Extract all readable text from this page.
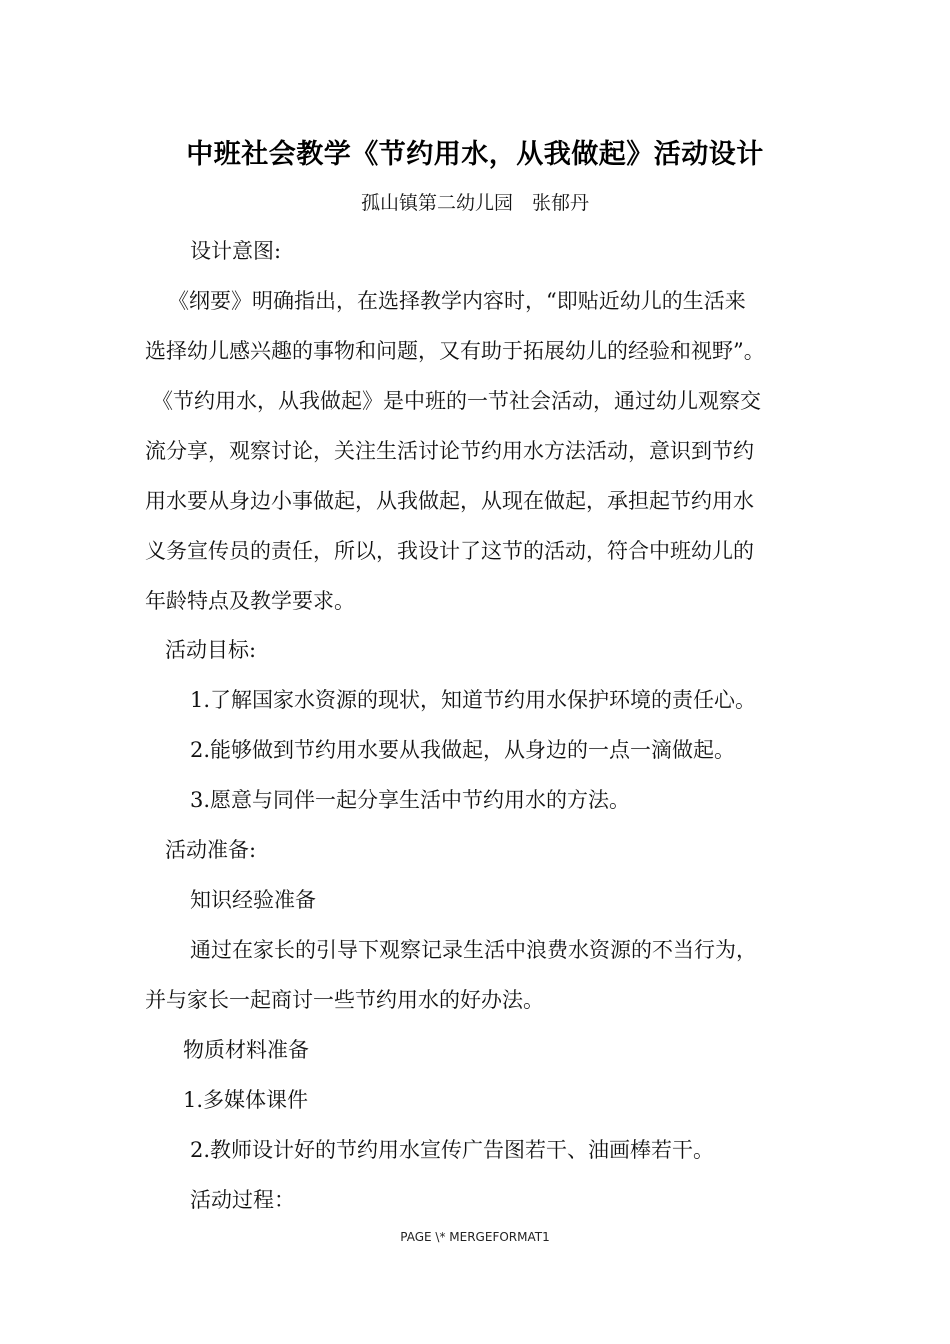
中班社会教学《节约用水，从我做起》活动设计
孤山镇第二幼儿园　张郁丹
设计意图:
《纲要》明确指出，在选择教学内容时，“即贴近幼儿的生活来
选择幼儿感兴趣的事物和问题，又有助于拓展幼儿的经验和视野”。
《节约用水，从我做起》是中班的一节社会活动，通过幼儿观察交
流分享，观察讨论，关注生活讨论节约用水方法活动，意识到节约
用水要从身边小事做起，从我做起，从现在做起，承担起节约用水
义务宣传员的责任，所以，我设计了这节的活动，符合中班幼儿的
年龄特点及教学要求。
活动目标:
1.了解国家水资源的现状，知道节约用水保护环境的责任心。
2.能够做到节约用水要从我做起，从身边的一点一滴做起。
3.愿意与同伴一起分享生活中节约用水的方法。
活动准备:
知识经验准备
通过在家长的引导下观察记录生活中浪费水资源的不当行为，
并与家长一起商讨一些节约用水的好办法。
物质材料准备
1.多媒体课件
2.教师设计好的节约用水宣传广告图若干、油画棒若干。
活动过程：
PAGE \* MERGEFORMAT1
